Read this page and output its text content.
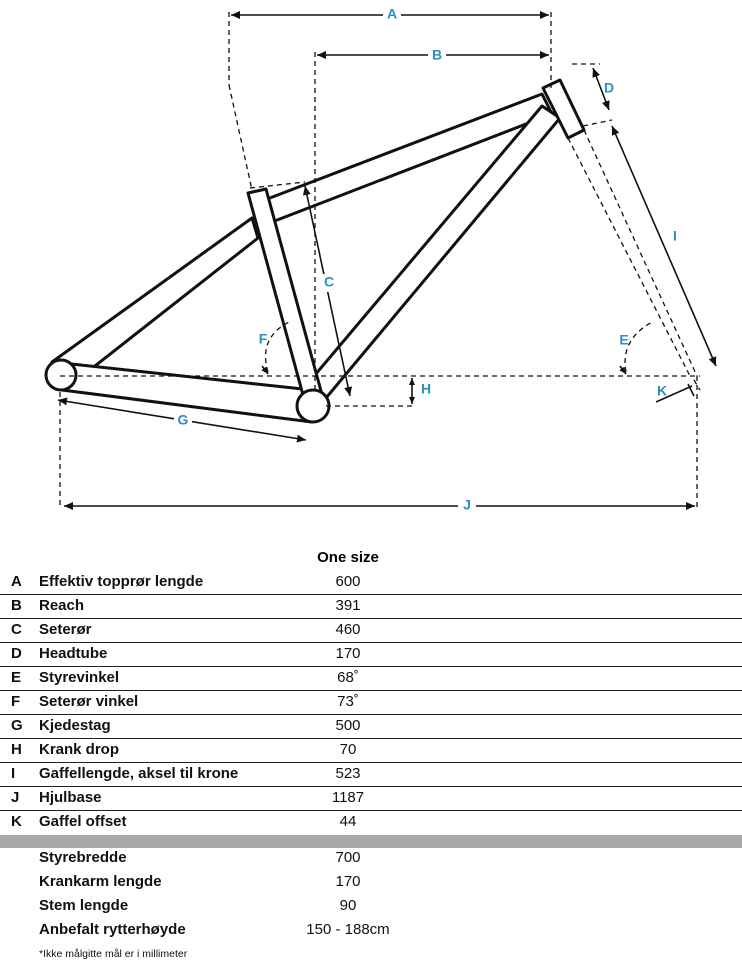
A
B
C
D
E
F
G
H
I
J
K
One size
A Effektiv topprør lengde	600
B Reach	391
C Seterør	460
D Headtube	170
E Styrevinkel	68˚
F Seterør vinkel	73˚
G Kjedestag	500
H Krank drop	70
I Gaffellengde, aksel til krone	523
J Hjulbase	1187
K Gaffel offset	44
Styrebredde	700
Krankarm lengde	170
Stem lengde	90
Anbefalt rytterhøyde	150 - 188cm
*Ikke målgitte mål er i millimeter
